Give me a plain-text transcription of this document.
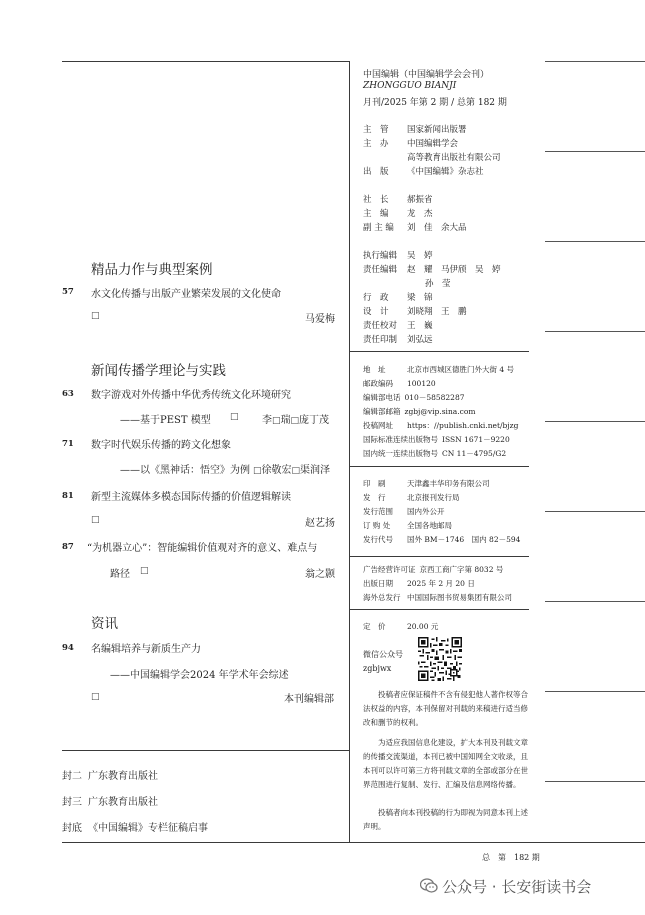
精品力作与典型案例
57 水文化传播与出版产业繁荣发展的文化使命
□	马爱梅
新闻传播学理论与实践
63 数字游戏对外传播中华优秀传统文化环境研究
——基于PEST 模型 □ 李□瑞□庞丁茂
71 数字时代娱乐传播的跨文化想象
——以《黑神话：悟空》为例 □徐敬宏□渠润泽
81 新型主流媒体多模态国际传播的价值逻辑解读
□	赵艺扬
87 “为机器立心”：智能编辑价值观对齐的意义、难点与
路径 □	翁之颢
资讯
94 名编辑培养与新质生产力
——中国编辑学会2024 年学术年会综述
□	本刊编辑部
封二 广东教育出版社
封三 广东教育出版社
封底 《中国编辑》专栏征稿启事
中国编辑（中国编辑学会会刊）
ZHONGGUO BIANJI
月刊/2025 年第 2 期 / 总第 182 期
主　管 国家新闻出版署
主　办 中国编辑学会
高等教育出版社有限公司
出　版 《中国编辑》杂志社
社　长 郝振省
主　编 龙　杰
副 主 编 刘　佳　余大品
执行编辑 吴　婷
责任编辑 赵　耀　马伊颀　吴　婷
孙　莹
行　政 梁　锦
设　计 刘晓翔　王　鹏
责任校对 王　巍
责任印制 刘弘远
地　址	北京市西城区德胜门外大街 4 号
邮政编码 100120
编辑部电话 010－58582287
编辑部邮箱 zgbj@vip.sina.com
投稿网址 https：//publish.cnki.net/bjzg
国际标准连续出版物号 ISSN 1671－9220
国内统一连续出版物号 CN 11－4795/G2
印　刷	天津鑫丰华印务有限公司
发　行	北京报刊发行局
发行范围 国内外公开
订 购 处 全国各地邮局
发行代号 国外 BM－1746　国内 82－594
广告经营许可证 京西工商广字第 8032 号
出版日期 2025 年 2 月 20 日
海外总发行 中国国际图书贸易集团有限公司
定　价	20.00 元
微信公众号
zgbjwx

投稿者应保证稿件不含有侵犯他人著作权等合法权益的内容，本刊保留对刊载的来稿进行适当修改和删节的权利。

为适应我国信息化建设，扩大本刊及刊载文章的传播交流渠道，本刊已被中国知网全文收录，且本刊可以许可第三方将刊载文章的全部或部分在世界范围进行复制、发行、汇编及信息网络传播。

投稿者向本刊投稿的行为即视为同意本刊上述声明。

总　第　182 期
公众号 · 长安街读书会
